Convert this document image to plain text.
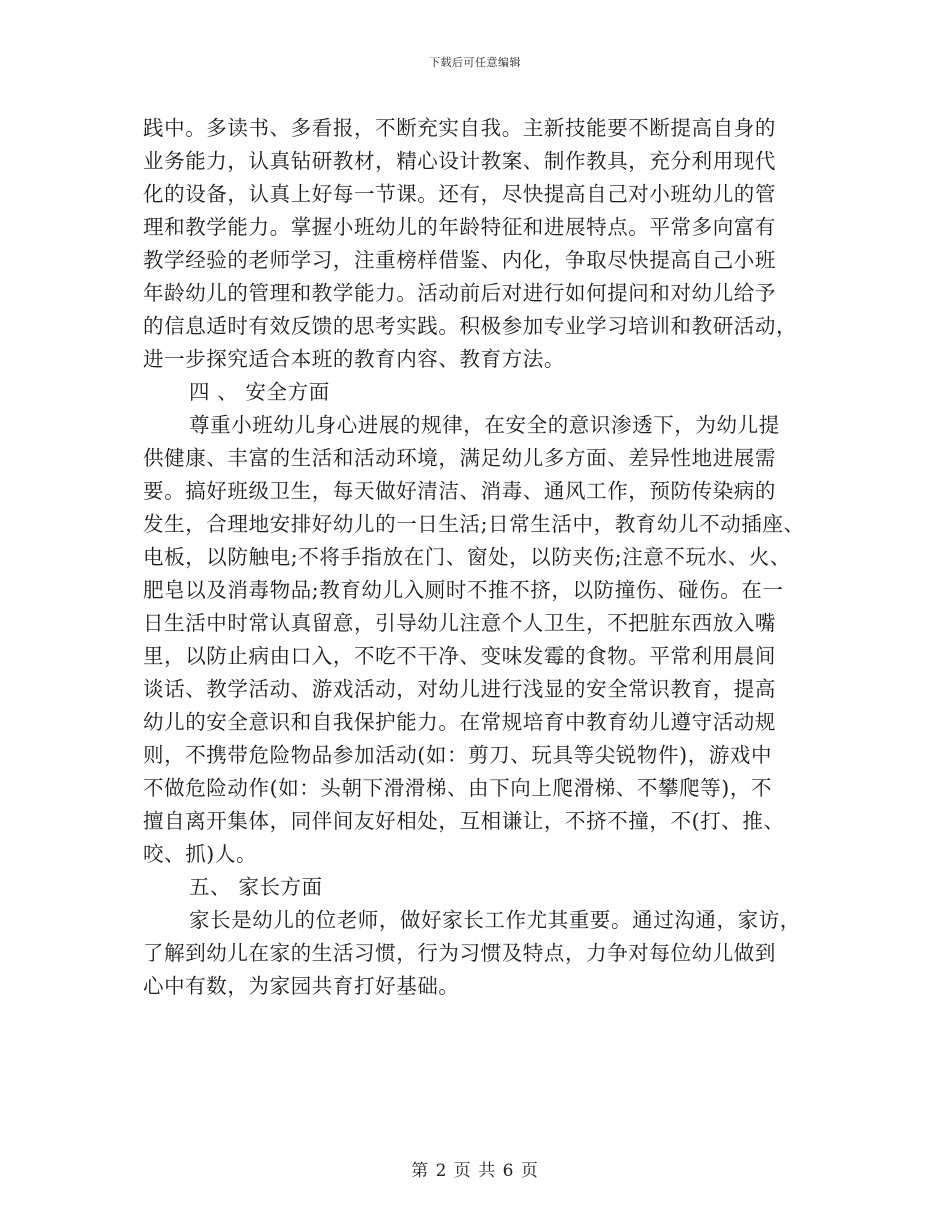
下载后可任意编辑
践中。多读书、多看报，不断充实自我。主新技能要不断提高自身的
业务能力，认真钻研教材，精心设计教案、制作教具，充分利用现代
化的设备，认真上好每一节课。还有，尽快提高自己对小班幼儿的管
理和教学能力。掌握小班幼儿的年龄特征和进展特点。平常多向富有
教学经验的老师学习，注重榜样借鉴、内化，争取尽快提高自己小班
年龄幼儿的管理和教学能力。活动前后对进行如何提问和对幼儿给予
的信息适时有效反馈的思考实践。积极参加专业学习培训和教研活动，
进一步探究适合本班的教育内容、教育方法。
四 、 安全方面
尊重小班幼儿身心进展的规律，在安全的意识渗透下，为幼儿提
供健康、丰富的生活和活动环境，满足幼儿多方面、差异性地进展需
要。搞好班级卫生，每天做好清洁、消毒、通风工作，预防传染病的
发生，合理地安排好幼儿的一日生活;日常生活中，教育幼儿不动插座、
电板，以防触电;不将手指放在门、窗处，以防夹伤;注意不玩水、火、
肥皂以及消毒物品;教育幼儿入厕时不推不挤，以防撞伤、碰伤。在一
日生活中时常认真留意，引导幼儿注意个人卫生，不把脏东西放入嘴
里，以防止病由口入，不吃不干净、变味发霉的食物。平常利用晨间
谈话、教学活动、游戏活动，对幼儿进行浅显的安全常识教育，提高
幼儿的安全意识和自我保护能力。在常规培育中教育幼儿遵守活动规
则，不携带危险物品参加活动(如：剪刀、玩具等尖锐物件)，游戏中
不做危险动作(如：头朝下滑滑梯、由下向上爬滑梯、不攀爬等)，不
擅自离开集体，同伴间友好相处，互相谦让，不挤不撞，不(打、推、
咬、抓)人。
五、 家长方面
家长是幼儿的位老师，做好家长工作尤其重要。通过沟通，家访，
了解到幼儿在家的生活习惯，行为习惯及特点，力争对每位幼儿做到
心中有数，为家园共育打好基础。
第 2 页 共 6 页
